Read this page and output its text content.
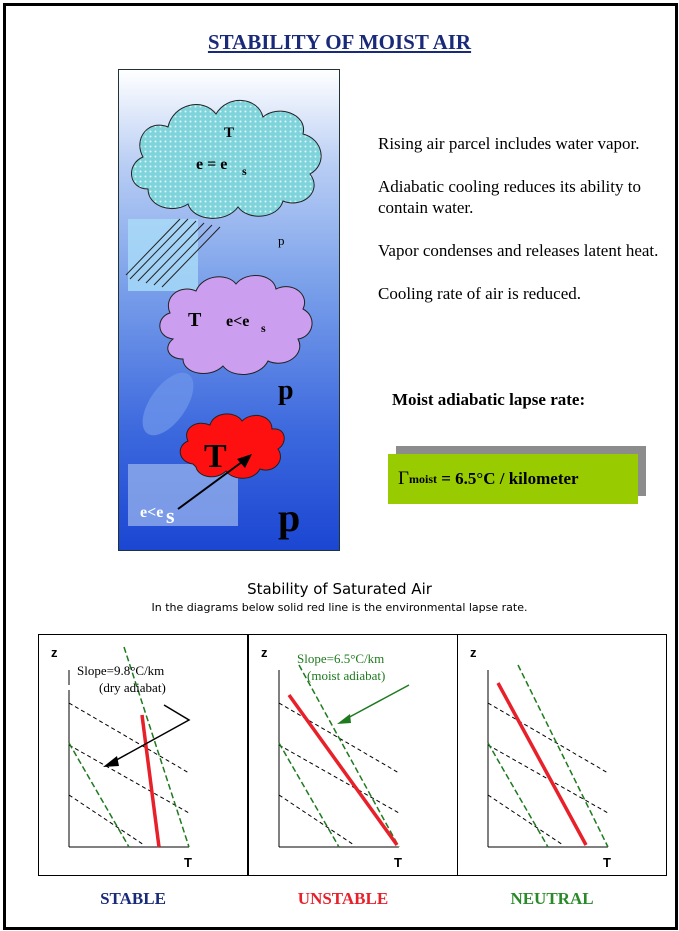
STABILITY OF MOIST AIR
T
e = e s
p
T e<e s
p
T
e<e s	p

Rising air parcel includes water vapor.

Adiabatic cooling reduces its ability to contain water.

Vapor condenses and releases latent heat.

Cooling rate of air is reduced.

Moist adiabatic lapse rate:
Γ moist
= 6.5°C / kilometer
Stability of Saturated Air
In the diagrams below solid red line is the environmental lapse rate.
z
T
Slope=9.8°C/km
(dry adiabat)
STABLE
z
T
Slope=6.5°C/km
(moist adiabat)
UNSTABLE
z
T
NEUTRAL
